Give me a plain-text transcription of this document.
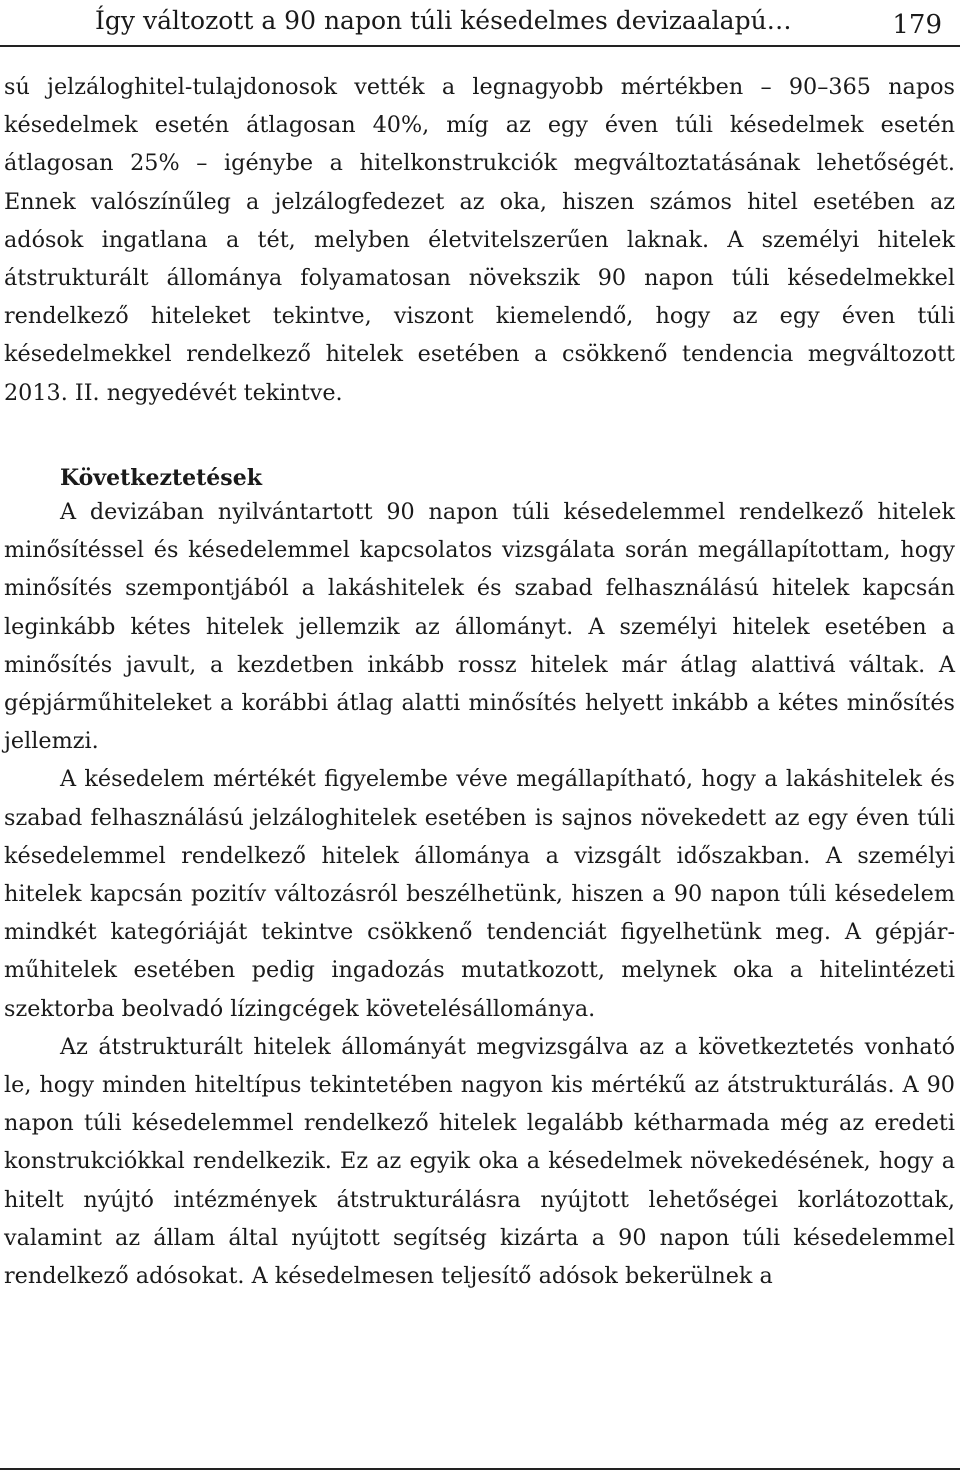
Így változott a 90 napon túli késedelmes devizaalapú…	179

sú jelzáloghitel-tulajdonosok vették a legnagyobb mértékben – 90–365 napos késedelmek esetén átlagosan 40%, míg az egy éven túli késedelmek esetén átlagosan 25% – igénybe a hitelkonstrukciók megváltoztatásának lehetőségét. Ennek valószínűleg a jelzálogfedezet az oka, hiszen számos hitel esetében az adósok ingatlana a tét, melyben életvitelszerűen laknak. A személyi hitelek átstrukturált állománya folyamatosan növekszik 90 napon túli késedelmekkel rendelkező hiteleket tekintve, viszont kiemelendő, hogy az egy éven túli késedelmekkel rendelkező hitelek esetében a csökkenő tendencia megváltozott 2013. II. negyedévét tekintve.

Következtetések

A devizában nyilvántartott 90 napon túli késedelemmel rendelkező hitelek minősítéssel és késedelemmel kapcsolatos vizsgálata során megállapítottam, hogy minősítés szempontjából a lakáshitelek és szabad felhasználású hitelek kapcsán leginkább kétes hitelek jellemzik az állományt. A személyi hitelek esetében a minősítés javult, a kezdetben inkább rossz hitelek már átlag alattivá váltak. A gépjárműhiteleket a korábbi átlag alatti minősítés helyett inkább a kétes minősítés jellemzi.

A késedelem mértékét figyelembe véve megállapítható, hogy a lakáshitelek és szabad felhasználású jelzáloghitelek esetében is sajnos növekedett az egy éven túli késedelemmel rendelkező hitelek állománya a vizsgált időszakban. A személyi hitelek kapcsán pozitív változásról beszélhetünk, hiszen a 90 napon túli késedelem mindkét kategóriáját tekintve csökkenő tendenciát figyelhetünk meg. A gépjárműhitelek esetében pedig ingadozás mutatkozott, melynek oka a hitelintézeti szektorba beolvadó lízingcégek követelésállománya.

Az átstrukturált hitelek állományát megvizsgálva az a következtetés vonható le, hogy minden hiteltípus tekintetében nagyon kis mértékű az átstrukturálás. A 90 napon túli késedelemmel rendelkező hitelek legalább kétharmada még az eredeti konstrukciókkal rendelkezik. Ez az egyik oka a késedelmek növekedésének, hogy a hitelt nyújtó intézmények átstrukturálásra nyújtott lehetőségei korlátozottak, valamint az állam által nyújtott segítség kizárta a 90 napon túli késedelemmel rendelkező adósokat. A késedelmesen teljesítő adósok bekerülnek a
